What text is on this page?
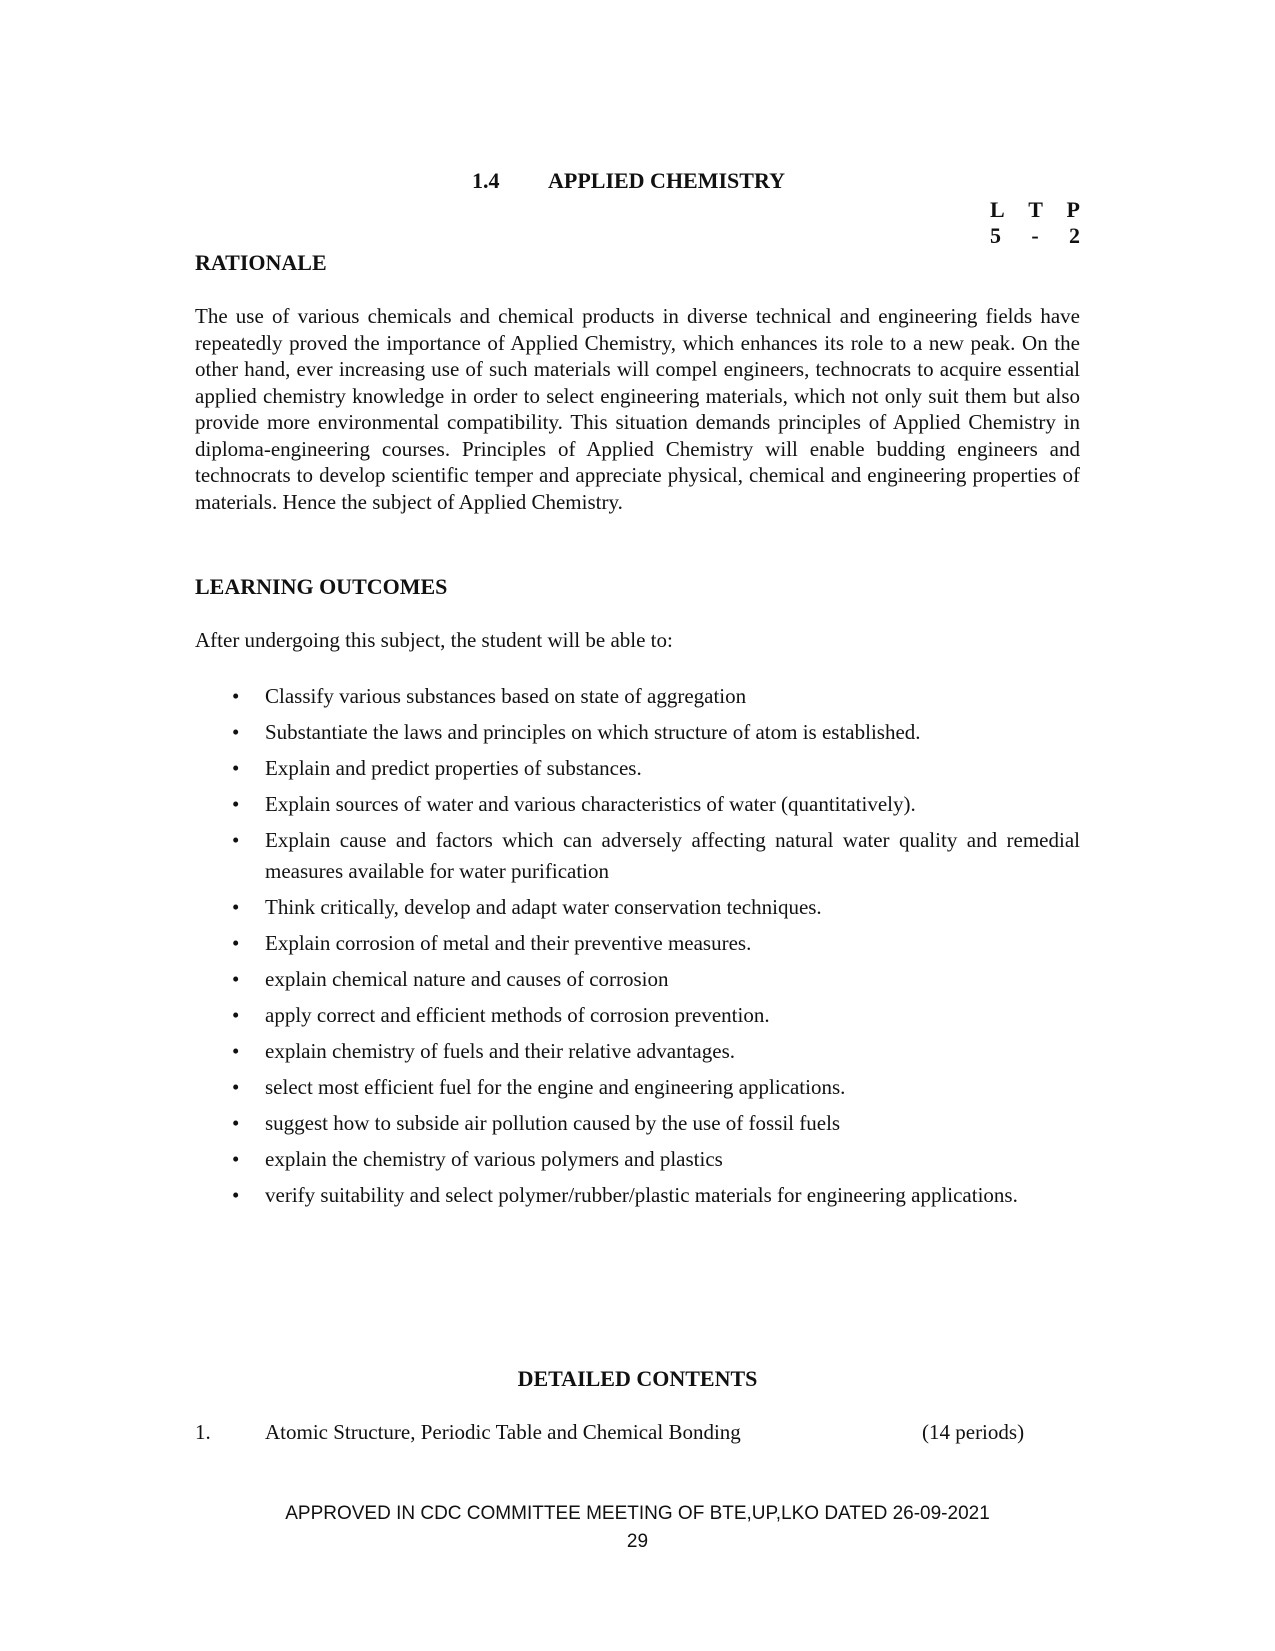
1.4 APPLIED CHEMISTRY
L T P
5 - 2
RATIONALE
The use of various chemicals and chemical products in diverse technical and engineering fields have repeatedly proved the importance of Applied Chemistry, which enhances its role to a new peak. On the other hand, ever increasing use of such materials will compel engineers, technocrats to acquire essential applied chemistry knowledge in order to select engineering materials, which not only suit them but also provide more environmental compatibility. This situation demands principles of Applied Chemistry in diploma-engineering courses. Principles of Applied Chemistry will enable budding engineers and technocrats to develop scientific temper and appreciate physical, chemical and engineering properties of materials. Hence the subject of Applied Chemistry.
LEARNING OUTCOMES
After undergoing this subject, the student will be able to:
• Classify various substances based on state of aggregation
• Substantiate the laws and principles on which structure of atom is established.
• Explain and predict properties of substances.
• Explain sources of water and various characteristics of water (quantitatively).
• Explain cause and factors which can adversely affecting natural water quality and remedial measures available for water purification
• Think critically, develop and adapt water conservation techniques.
• Explain corrosion of metal and their preventive measures.
• explain chemical nature and causes of corrosion
• apply correct and efficient methods of corrosion prevention.
• explain chemistry of fuels and their relative advantages.
• select most efficient fuel for the engine and engineering applications.
• suggest how to subside air pollution caused by the use of fossil fuels
• explain the chemistry of various polymers and plastics
• verify suitability and select polymer/rubber/plastic materials for engineering applications.
DETAILED CONTENTS
1.	Atomic Structure, Periodic Table and Chemical Bonding	(14 periods)
APPROVED IN CDC COMMITTEE MEETING OF BTE,UP,LKO DATED 26-09-2021
29
